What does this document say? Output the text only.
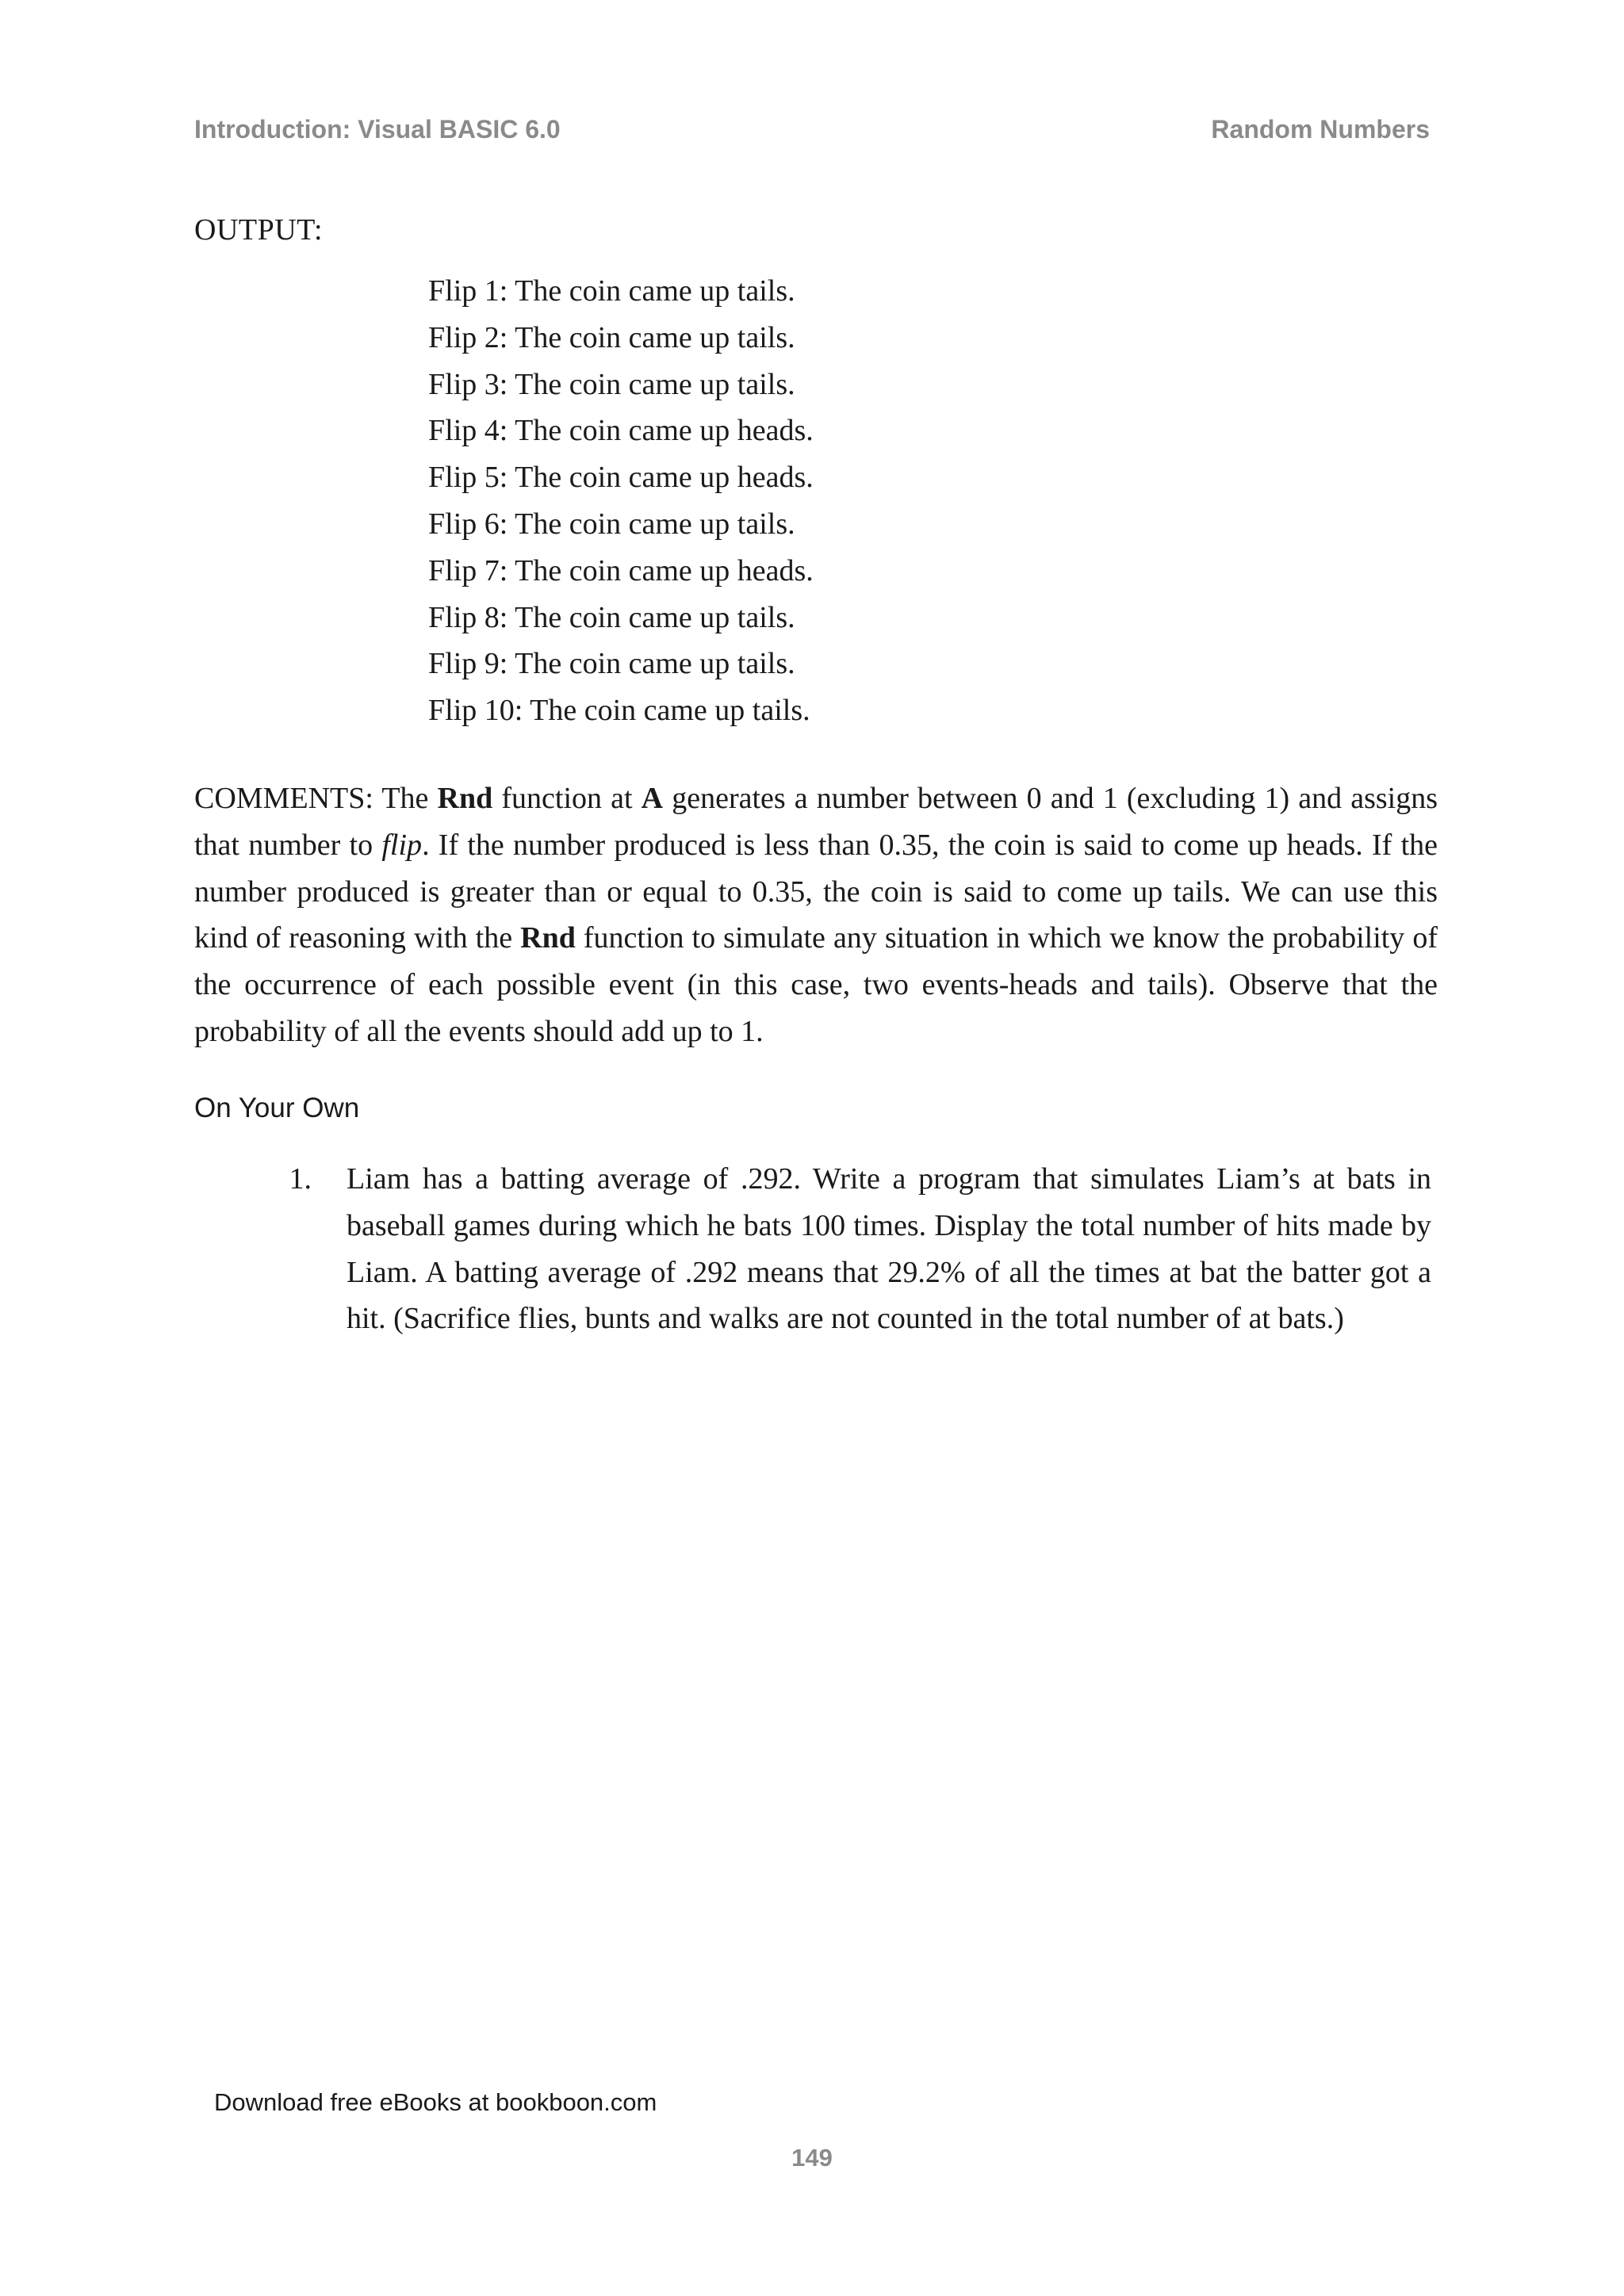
Introduction: Visual BASIC 6.0	Random Numbers
OUTPUT:
Flip 1: The coin came up tails.
Flip 2: The coin came up tails.
Flip 3: The coin came up tails.
Flip 4: The coin came up heads.
Flip 5: The coin came up heads.
Flip 6: The coin came up tails.
Flip 7: The coin came up heads.
Flip 8: The coin came up tails.
Flip 9: The coin came up tails.
Flip 10: The coin came up tails.

COMMENTS: The Rnd function at A generates a number between 0 and 1 (excluding 1) and assigns that number to flip. If the number produced is less than 0.35, the coin is said to come up heads. If the number produced is greater than or equal to 0.35, the coin is said to come up tails. We can use this kind of reasoning with the Rnd function to simulate any situation in which we know the probability of the occurrence of each possible event (in this case, two events-heads and tails). Observe that the probability of all the events should add up to 1.

On Your Own
1. Liam has a batting average of .292. Write a program that simulates Liam’s at bats in baseball games during which he bats 100 times. Display the total number of hits made by Liam. A batting average of .292 means that 29.2% of all the times at bat the batter got a hit. (Sacrifice flies, bunts and walks are not counted in the total number of at bats.)
Download free eBooks at bookboon.com
149
